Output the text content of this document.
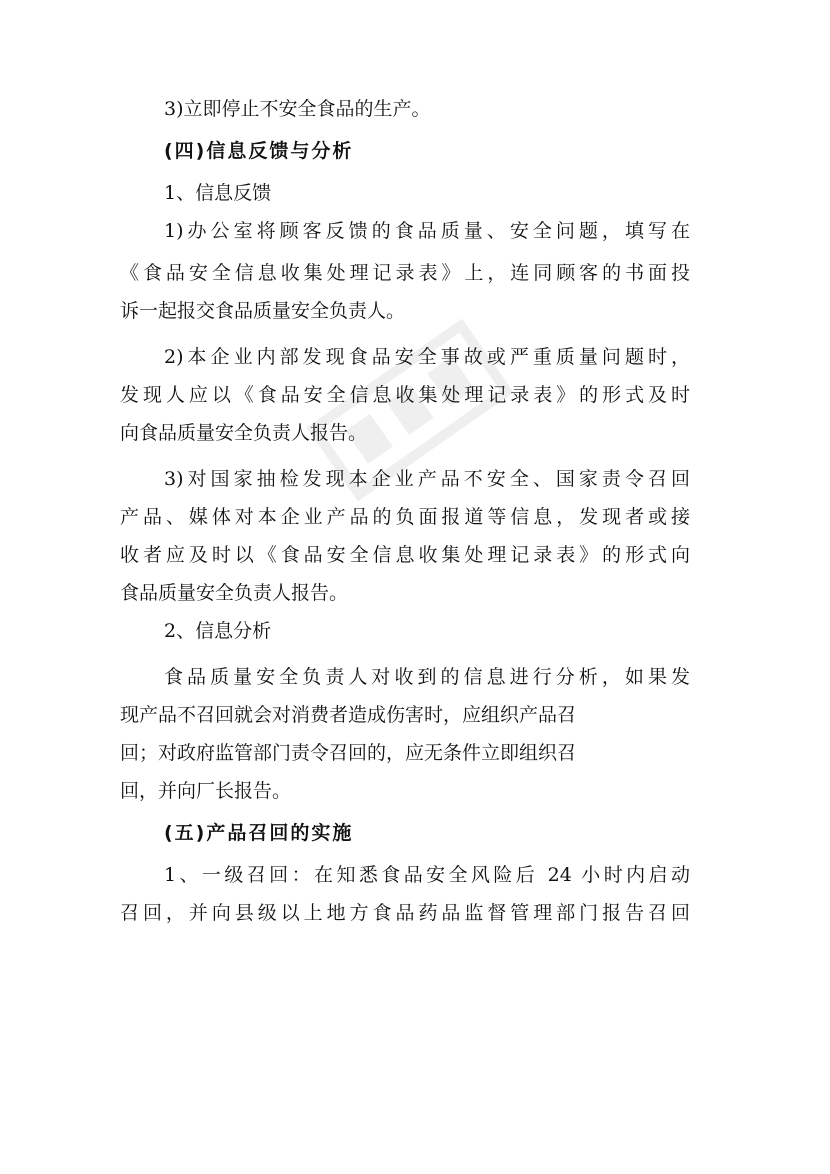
3)立即停止不安全食品的生产。
(四)信息反馈与分析
1、信息反馈
1)办公室将顾客反馈的食品质量、安全问题，填写在
《食品安全信息收集处理记录表》上，连同顾客的书面投
诉一起报交食品质量安全负责人。
2)本企业内部发现食品安全事故或严重质量问题时，
发现人应以《食品安全信息收集处理记录表》的形式及时
向食品质量安全负责人报告。
3)对国家抽检发现本企业产品不安全、国家责令召回
产品、媒体对本企业产品的负面报道等信息，发现者或接
收者应及时以《食品安全信息收集处理记录表》的形式向
食品质量安全负责人报告。
2、信息分析
食品质量安全负责人对收到的信息进行分析，如果发
现产品不召回就会对消费者造成伤害时，应组织产品召
回；对政府监管部门责令召回的，应无条件立即组织召
回，并向厂长报告。
(五)产品召回的实施
1、一级召回：在知悉食品安全风险后 24 小时内启动
召回，并向县级以上地方食品药品监督管理部门报告召回
